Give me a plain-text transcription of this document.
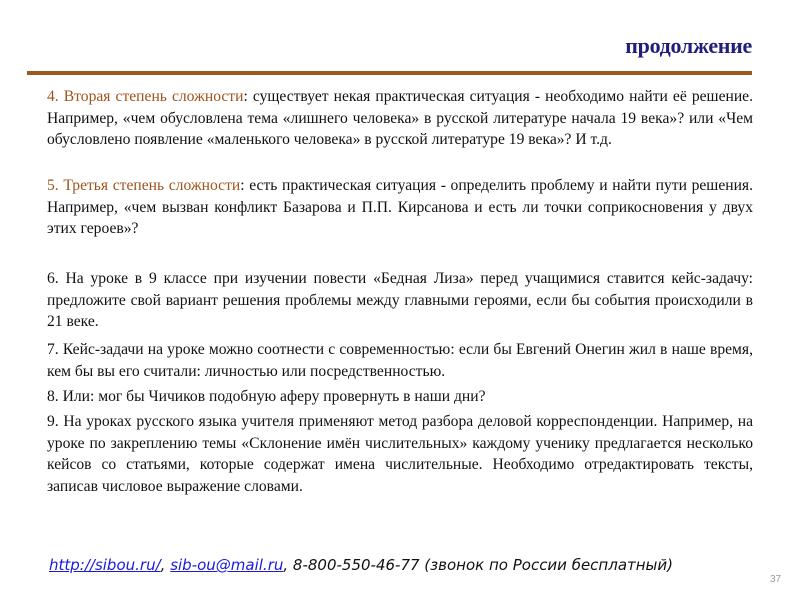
продолжение

4. Вторая степень сложности: существует некая практическая ситуация - необходимо найти её решение. Например, «чем обусловлена тема «лишнего человека» в русской литературе начала 19 века»? или «Чем обусловлено появление «маленького человека» в русской литературе 19 века»? И т.д.

5. Третья степень сложности: есть практическая ситуация - определить проблему и найти пути решения. Например, «чем вызван конфликт Базарова и П.П. Кирсанова и есть ли точки соприкосновения у двух этих героев»?

6. На уроке в 9 классе при изучении повести «Бедная Лиза» перед учащимися ставится кейс-задачу: предложите свой вариант решения проблемы между главными героями, если бы события происходили в 21 веке.

7. Кейс-задачи на уроке можно соотнести с современностью: если бы Евгений Онегин жил в наше время, кем бы вы его считали: личностью или посредственностью.

8. Или: мог бы Чичиков подобную аферу провернуть в наши дни?

9. На уроках русского языка учителя применяют метод разбора деловой корреспонденции. Например, на уроке по закреплению темы «Склонение имён числительных» каждому ученику предлагается несколько кейсов со статьями, которые содержат имена числительные. Необходимо отредактировать тексты, записав числовое выражение словами.

http://sibou.ru/, sib-ou@mail.ru, 8-800-550-46-77 (звонок по России бесплатный)
37
